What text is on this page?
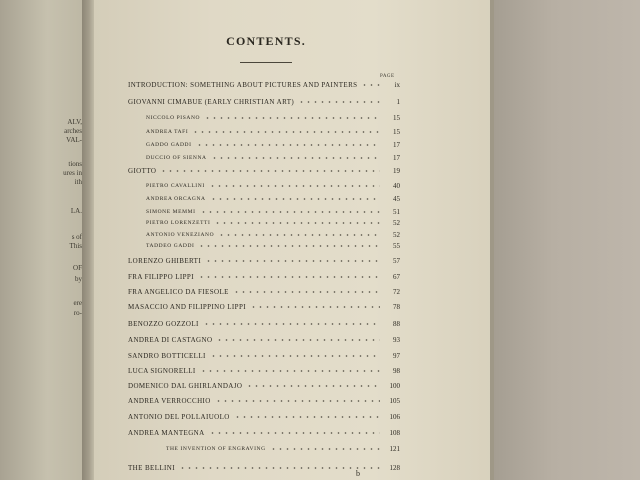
ALV,
arches
VAL-
tions
ures in
ith
LA.
s of
This
OF
by
ere
ro-
CONTENTS.
PAGE
INTRODUCTION: SOMETHING ABOUT PICTURES AND PAINTERS	ix
GIOVANNI CIMABUE (EARLY CHRISTIAN ART)	1
NICCOLO PISANO	15
ANDREA TAFI	15
GADDO GADDI	17
DUCCIO OF SIENNA	17
GIOTTO	19
PIETRO CAVALLINI	40
ANDREA ORCAGNA	45
SIMONE MEMMI	51
PIETRO LORENZETTI	52
ANTONIO VENEZIANO	52
TADDEO GADDI	55
LORENZO GHIBERTI	57
FRA FILIPPO LIPPI	67
FRA ANGELICO DA FIESOLE	72
MASACCIO AND FILIPPINO LIPPI	78
BENOZZO GOZZOLI	88
ANDREA DI CASTAGNO	93
SANDRO BOTTICELLI	97
LUCA SIGNORELLI	98
DOMENICO DAL GHIRLANDAJO	100
ANDREA VERROCCHIO	105
ANTONIO DEL POLLAIUOLO	106
ANDREA MANTEGNA	108
THE INVENTION OF ENGRAVING	121
THE BELLINI	128
b
